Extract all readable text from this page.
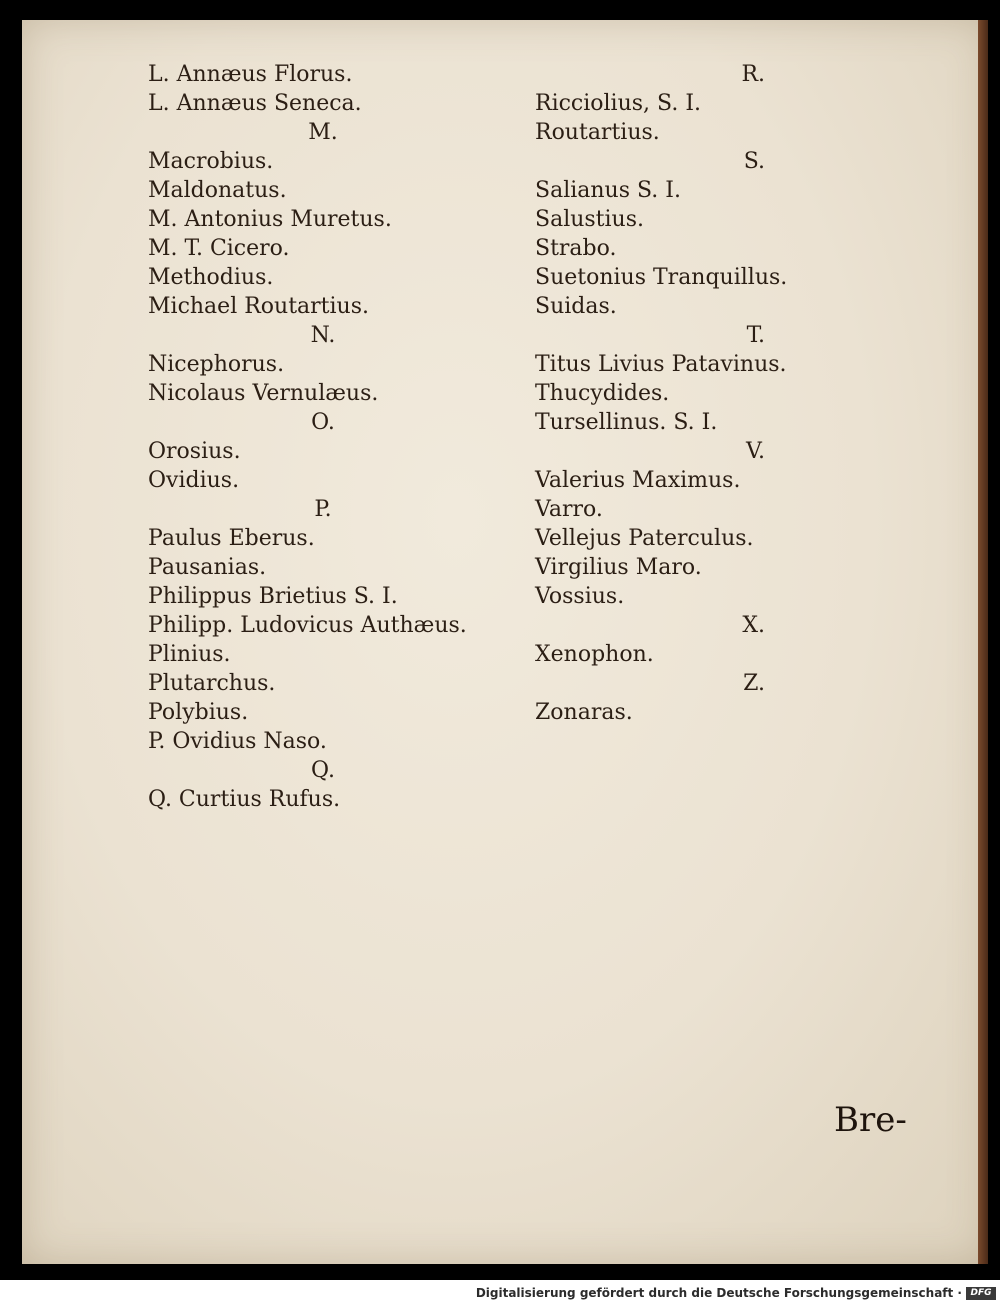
L. Annæus Florus.
L. Annæus Seneca.
M.
Macrobius.
Maldonatus.
M. Antonius Muretus.
M. T. Cicero.
Methodius.
Michael Routartius.
N.
Nicephorus.
Nicolaus Vernulæus.
O.
Orosius.
Ovidius.
P.
Paulus Eberus.
Pausanias.
Philippus Brietius S. I.
Philipp. Ludovicus Authæus.
Plinius.
Plutarchus.
Polybius.
P. Ovidius Naso.
Q.
Q. Curtius Rufus.
R.
Ricciolius, S. I.
Routartius.
S.
Salianus S. I.
Salustius.
Strabo.
Suetonius Tranquillus.
Suidas.
T.
Titus Livius Patavinus.
Thucydides.
Tursellinus. S. I.
V.
Valerius Maximus.
Varro.
Vellejus Paterculus.
Virgilius Maro.
Vossius.
X.
Xenophon.
Z.
Zonaras.
Bre-
Digitalisierung gefördert durch die Deutsche Forschungsgemeinschaft · DFG
